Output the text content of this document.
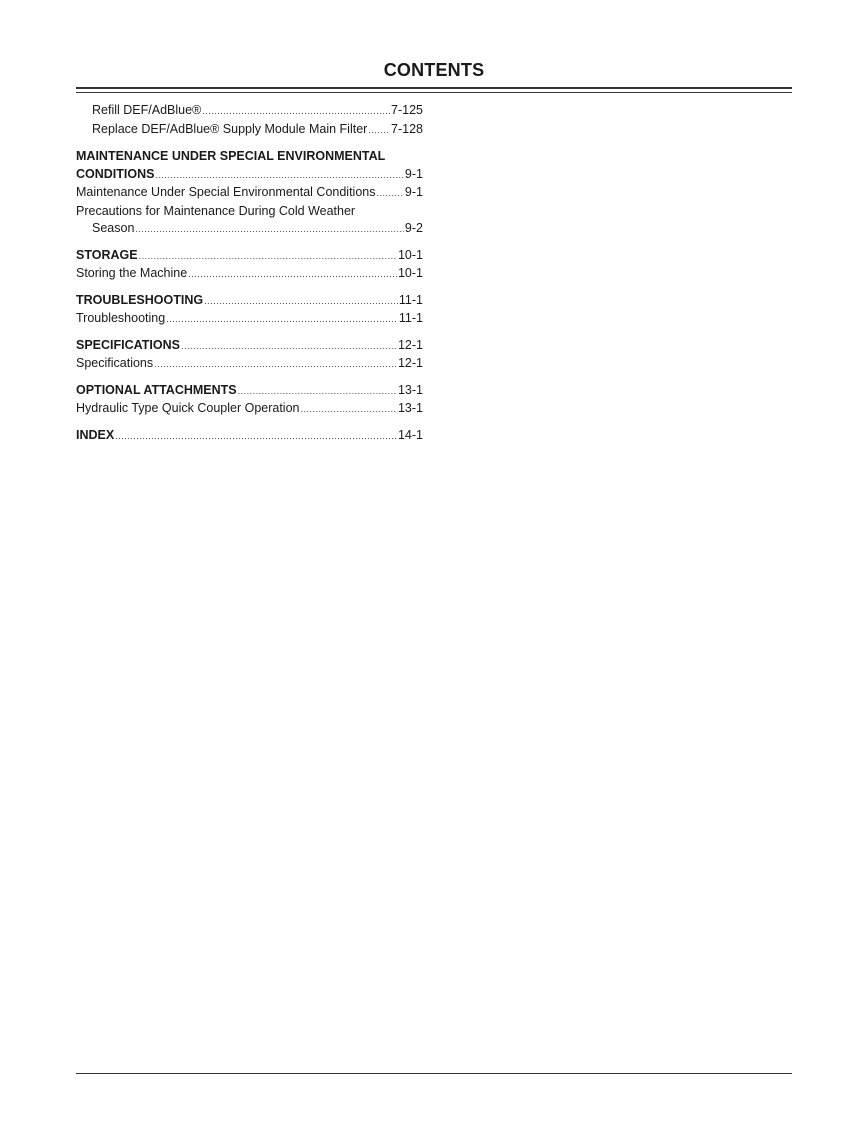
CONTENTS
Refill DEF/AdBlue® .....	7-125
Replace DEF/AdBlue® Supply Module Main Filter ..... 7-128
MAINTENANCE UNDER SPECIAL ENVIRONMENTAL
CONDITIONS .....	9-1
Maintenance Under Special Environmental Conditions ..... 9-1
Precautions for Maintenance During Cold Weather
Season .....	9-2
STORAGE .....	10-1
Storing the Machine .....	10-1
TROUBLESHOOTING .....	11-1
Troubleshooting .....	11-1
SPECIFICATIONS .....	12-1
Specifications .....	12-1
OPTIONAL ATTACHMENTS .....	13-1
Hydraulic Type Quick Coupler Operation .....	13-1
INDEX .....	14-1
